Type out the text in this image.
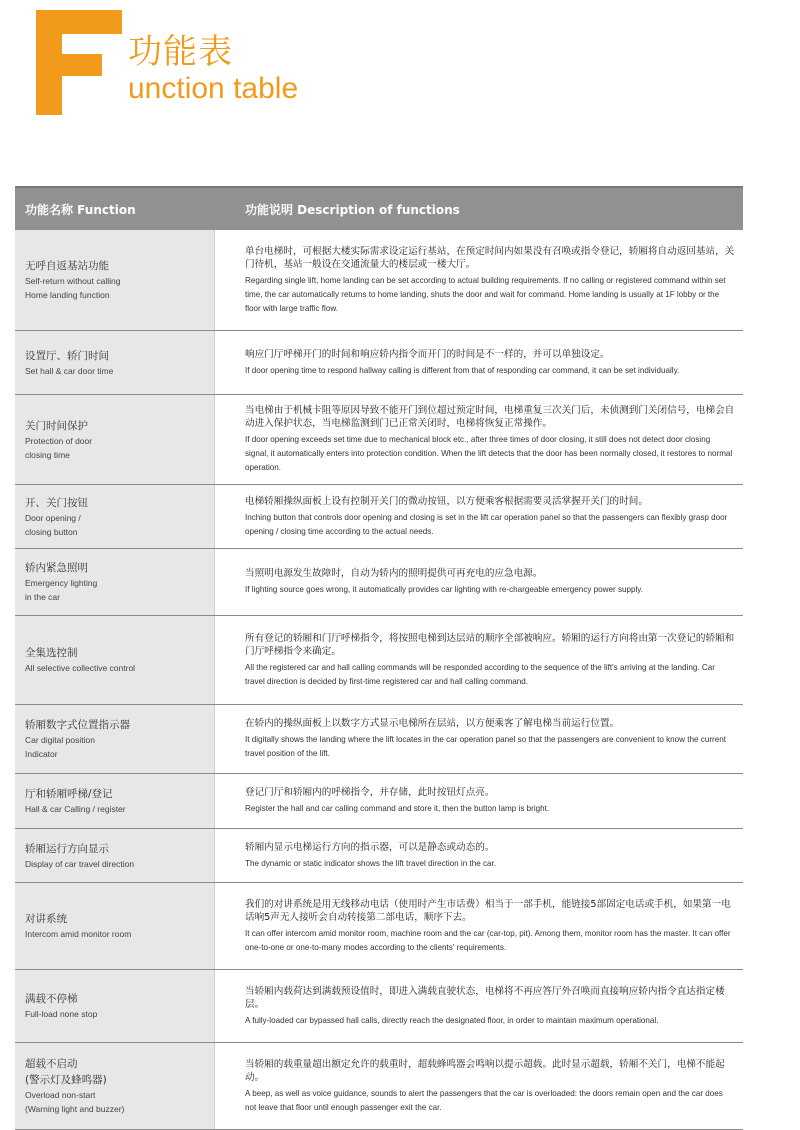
功能表
unction table
功能名称 Function	功能说明 Description of functions
无呼自返基站功能
Self-return without calling
Home landing function
单台电梯时，可根据大楼实际需求设定运行基站，在预定时间内如果没有召唤或指令登记，轿厢将自动返回基站，关门待机，基站一般设在交通流量大的楼层或一楼大厅。
Regarding single lift, home landing can be set according to actual building requirements. If no calling or registered command within set time, the car automatically returns to home landing, shuts the door and wait for command. Home landing is usually at 1F lobby or the floor with large traffic flow.
设置厅、轿门时间
Set hall & car door time
响应门厅呼梯开门的时间和响应轿内指令而开门的时间是不一样的，并可以单独设定。
If door opening time to respond hallway calling is different from that of responding car command, it can be set individually.
关门时间保护
Protection of door
closing time
当电梯由于机械卡阻等原因导致不能开门到位超过预定时间，电梯重复三次关门后，未侦测到门关闭信号，电梯会自动进入保护状态，当电梯监测到门已正常关闭时，电梯将恢复正常操作。
If door opening exceeds set time due to mechanical block etc., after three times of door closing, it still does not detect door closing signal, it automatically enters into protection condition. When the lift detects that the door has been normally closed, it restores to normal operation.
开、关门按钮
Door opening /
closing button
电梯轿厢操纵面板上设有控制开关门的微动按钮，以方便乘客根据需要灵活掌握开关门的时间。
Inching button that controls door opening and closing is set in the lift car operation panel so that the passengers can flexibly grasp door opening / closing time according to the actual needs.
轿内紧急照明
Emergency lighting
in the car
当照明电源发生故障时，自动为轿内的照明提供可再充电的应急电源。
If lighting source goes wrong, it automatically provides car lighting with re-chargeable emergency power supply.
全集选控制
All selective collective control
所有登记的轿厢和门厅呼梯指令，将按照电梯到达层站的顺序全部被响应。轿厢的运行方向将由第一次登记的轿厢和门厅呼梯指令来确定。
All the registered car and hall calling commands will be responded according to the sequence of the lift's arriving at the landing. Car travel direction is decided by first-time registered car and hall calling command.
轿厢数字式位置指示器
Car digital position
Indicator
在轿内的操纵面板上以数字方式显示电梯所在层站，以方便乘客了解电梯当前运行位置。
It digitally shows the landing where the lift locates in the car operation panel so that the passengers are convenient to know the current travel position of the lift.
厅和轿厢呼梯/登记
Hall & car Calling / register
登记门厅和轿厢内的呼梯指令，并存储，此时按钮灯点亮。
Register the hall and car calling command and store it, then the button lamp is bright.
轿厢运行方向显示
Display of car travel direction
轿厢内显示电梯运行方向的指示器，可以是静态或动态的。
The dynamic or static indicator shows the lift travel direction in the car.
对讲系统
Intercom amid monitor room
我们的对讲系统是用无线移动电话（使用时产生市话费）相当于一部手机，能链接5部固定电话或手机，如果第一电话响5声无人接听会自动转接第二部电话，顺序下去。
It can offer intercom amid monitor room, machine room and the car (car-top, pit). Among them, monitor room has the master. It can offer one-to-one or one-to-many modes according to the clients' requirements.
满载不停梯
Full-load none stop
当轿厢内载荷达到满载预设值时，即进入满载直驶状态，电梯将不再应答厅外召唤而直接响应轿内指令直达指定楼层。
A fully-loaded car bypassed hall calls, directly reach the designated floor, in order to maintain maximum operational.
超载不启动
(警示灯及蜂鸣器)
Overload non-start
(Warning light and buzzer)
当轿厢的载重量超出额定允许的载重时，超载蜂鸣器会鸣响以提示超载。此时显示超载，轿厢不关门，电梯不能起动。
A beep, as well as voice guidance, sounds to alert the passengers that the car is overloaded: the doors remain open and the car does not leave that floor until enough passenger exit the car.
